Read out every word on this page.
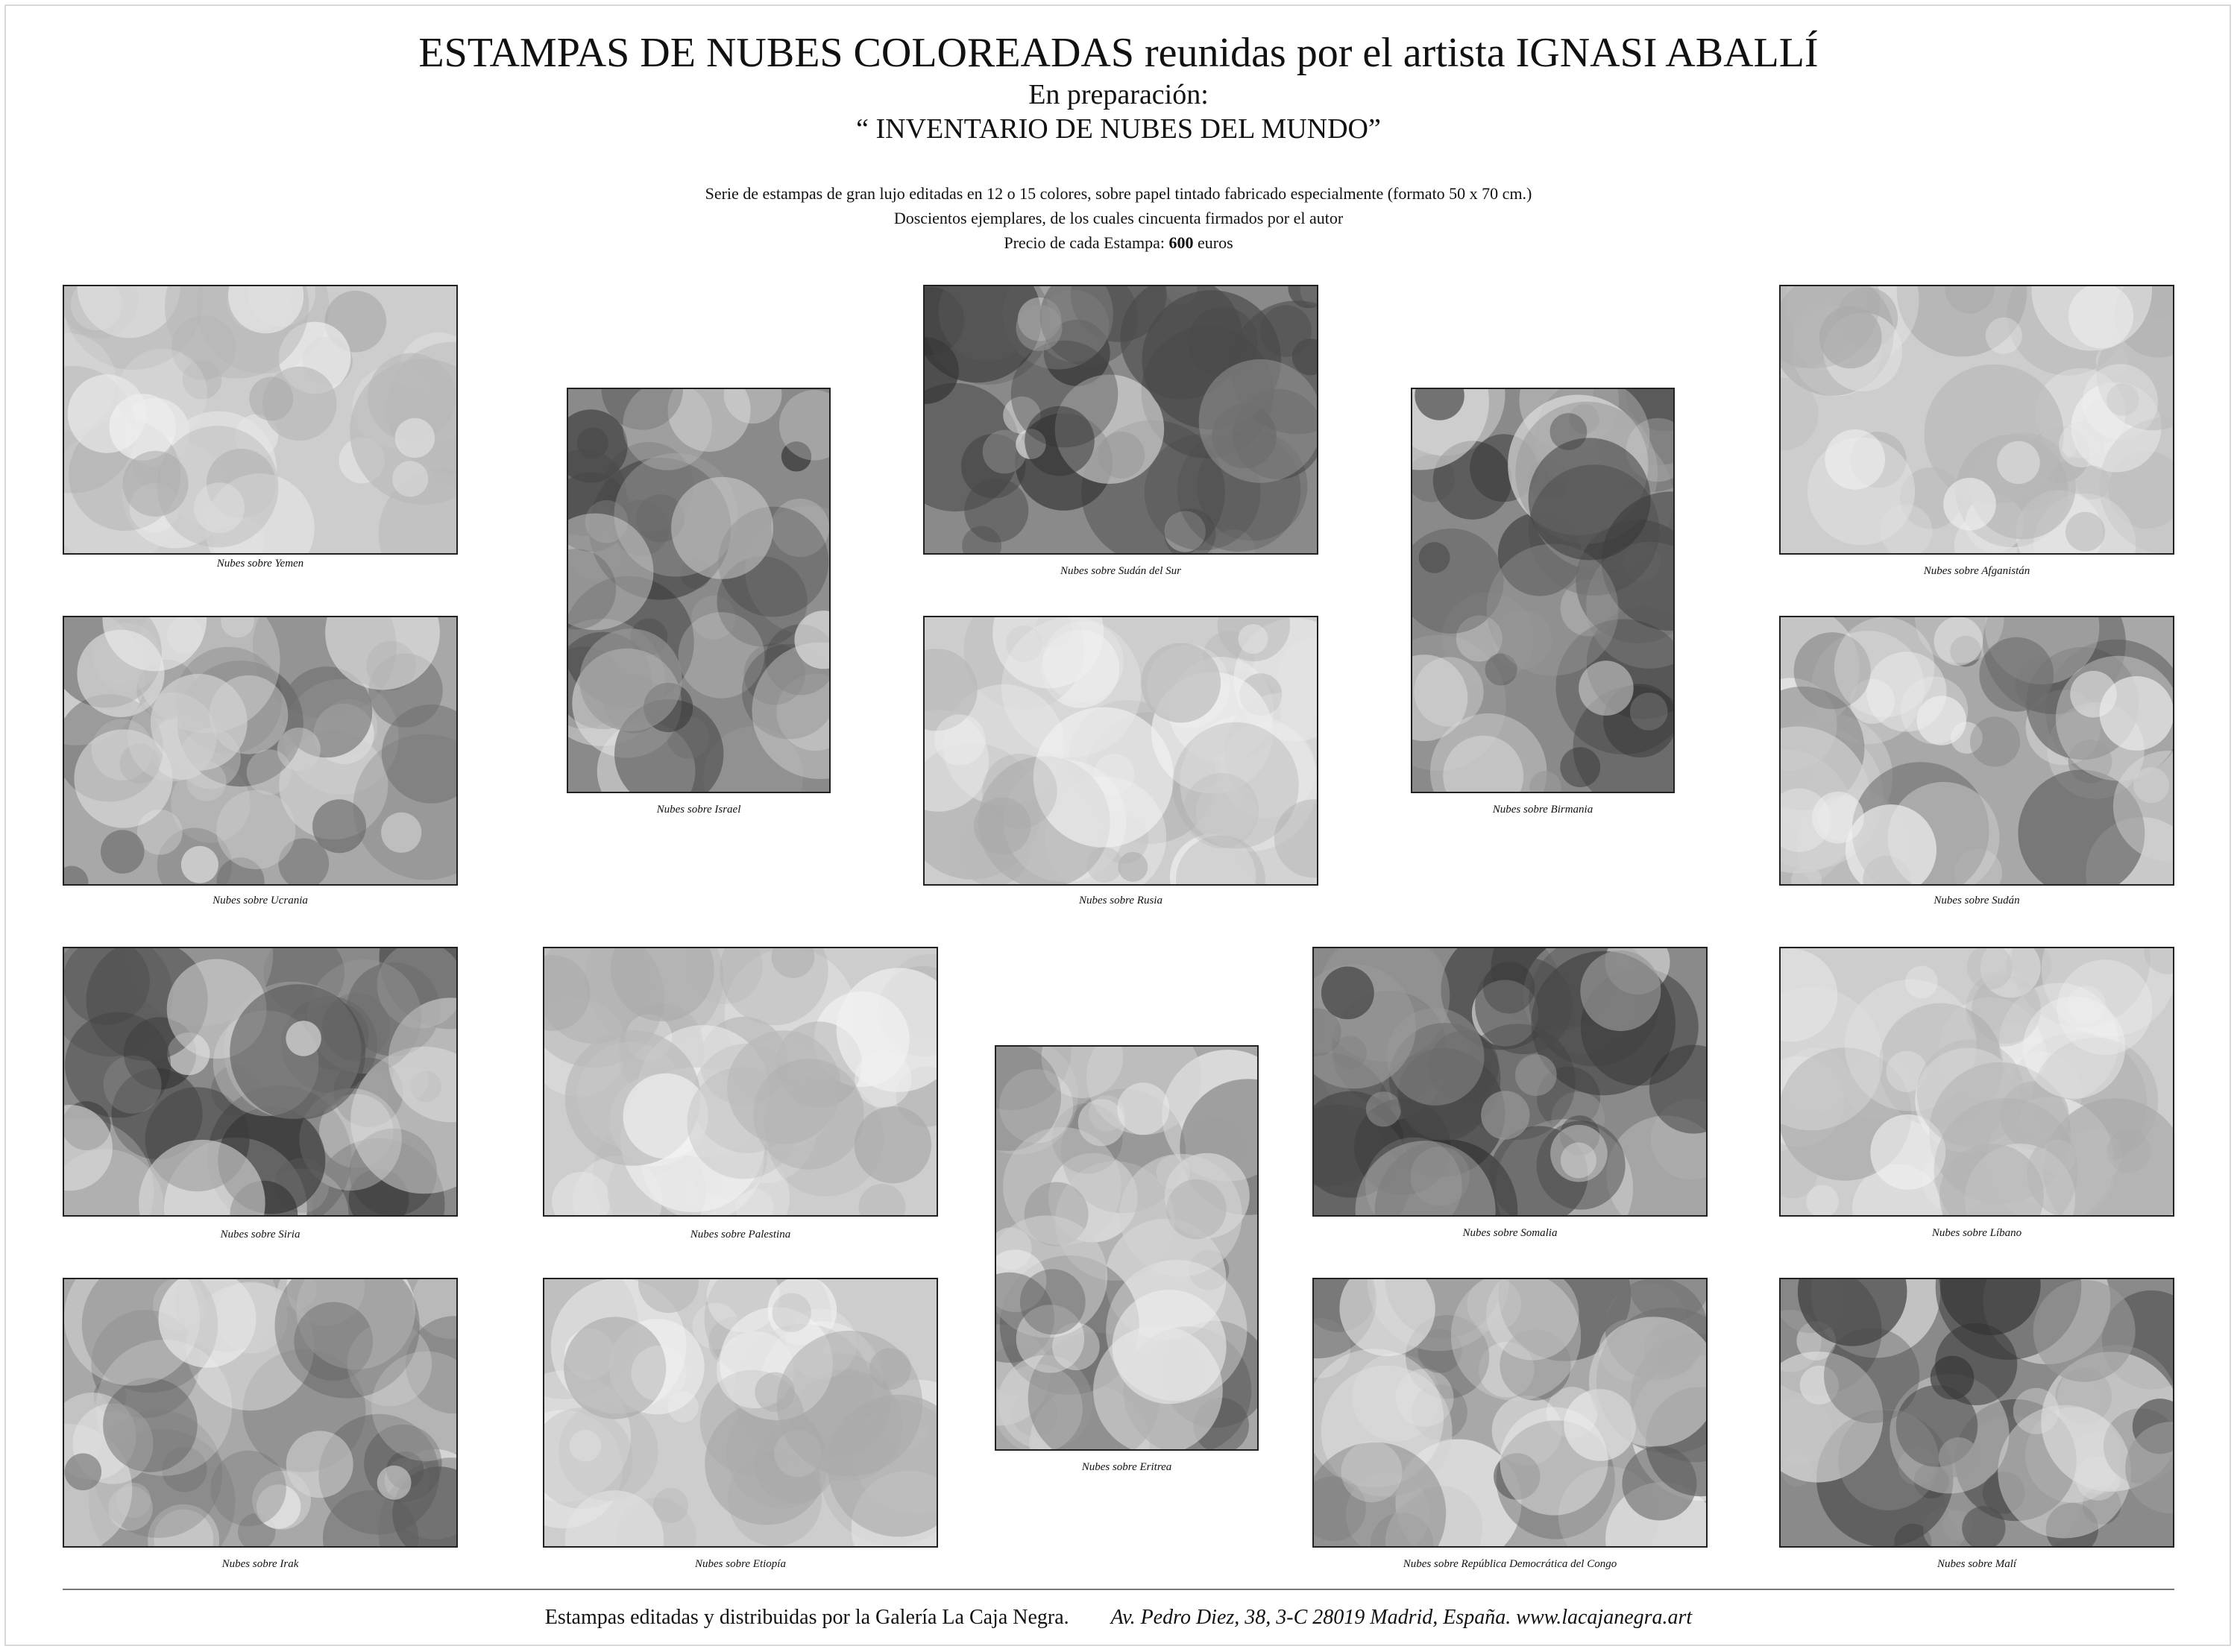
ESTAMPAS DE NUBES COLOREADAS reunidas por el artista IGNASI ABALLÍ
En preparación:
“ INVENTARIO DE NUBES DEL MUNDO”
Serie de estampas de gran lujo editadas en 12 o 15 colores, sobre papel tintado fabricado especialmente (formato 50 x 70 cm.)
Doscientos ejemplares, de los cuales cincuenta firmados por el autor
Precio de cada Estampa: 600 euros
Nubes sobre Yemen
Nubes sobre Israel
Nubes sobre Sudán del Sur
Nubes sobre Birmania
Nubes sobre Afganistán
Nubes sobre Ucrania	Nubes sobre Rusia	Nubes sobre Sudán
Nubes sobre Siria	Nubes sobre Palestina
Nubes sobre Eritrea
Nubes sobre Somalia	Nubes sobre Líbano
Nubes sobre Irak	Nubes sobre Etiopía	Nubes sobre República Democrática del Congo	Nubes sobre Malí
Estampas editadas y distribuidas por la Galería La Caja Negra. Av. Pedro Diez, 38, 3-C 28019 Madrid, España. www.lacajanegra.art
